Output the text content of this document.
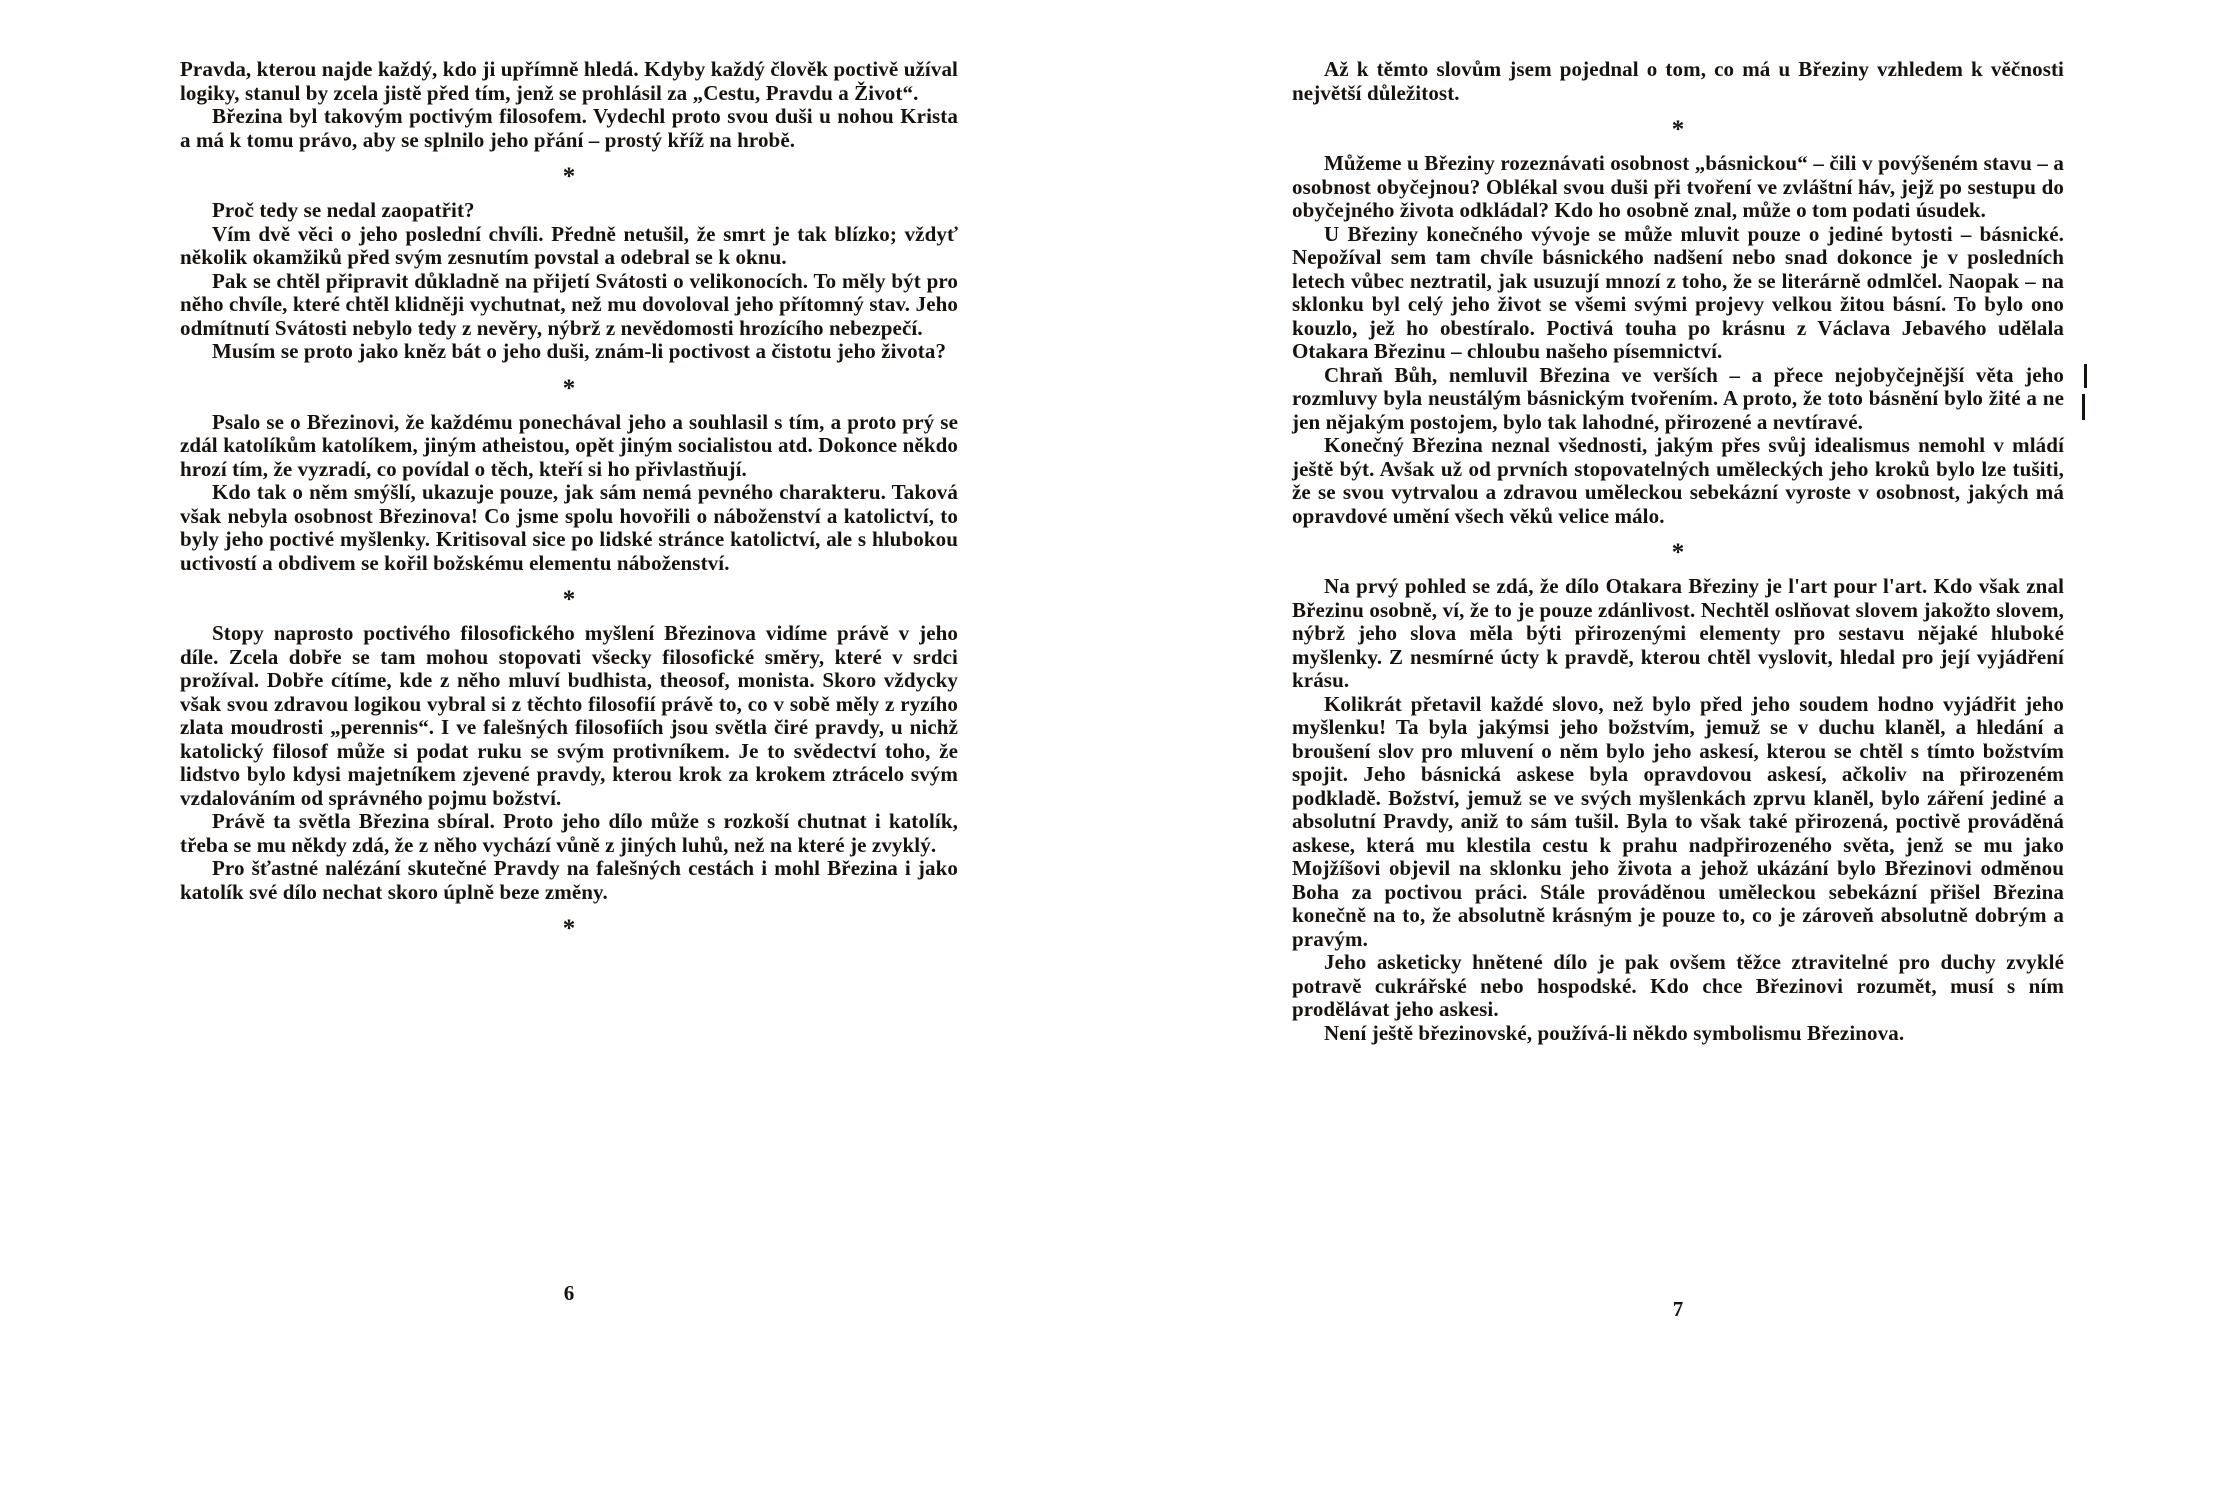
Pravda, kterou najde každý, kdo ji upřímně hledá. Kdyby každý člověk poctivě užíval logiky, stanul by zcela jistě před tím, jenž se prohlásil za „Cestu, Pravdu a Život“.

Březina byl takovým poctivým filosofem. Vydechl proto svou duši u nohou Krista a má k tomu právo, aby se splnilo jeho přání – prostý kříž na hrobě.

*

Proč tedy se nedal zaopatřit?

Vím dvě věci o jeho poslední chvíli. Předně netušil, že smrt je tak blízko; vždyť několik okamžiků před svým zesnutím povstal a odebral se k oknu.

Pak se chtěl připravit důkladně na přijetí Svátosti o velikonocích. To měly být pro něho chvíle, které chtěl klidněji vychutnat, než mu dovoloval jeho přítomný stav. Jeho odmítnutí Svátosti nebylo tedy z nevěry, nýbrž z nevědomosti hrozícího nebezpečí.

Musím se proto jako kněz bát o jeho duši, znám-li poctivost a čistotu jeho života?

*

Psalo se o Březinovi, že každému ponechával jeho a souhlasil s tím, a proto prý se zdál katolíkům katolíkem, jiným atheistou, opět jiným socialistou atd. Dokonce někdo hrozí tím, že vyzradí, co povídal o těch, kteří si ho přivlastňují.

Kdo tak o něm smýšlí, ukazuje pouze, jak sám nemá pevného charakteru. Taková však nebyla osobnost Březinova! Co jsme spolu hovořili o náboženství a katolictví, to byly jeho poctivé myšlenky. Kritisoval sice po lidské stránce katolictví, ale s hlubokou uctivostí a obdivem se kořil božskému elementu náboženství.

*

Stopy naprosto poctivého filosofického myšlení Březinova vidíme právě v jeho díle. Zcela dobře se tam mohou stopovati všecky filosofické směry, které v srdci prožíval. Dobře cítíme, kde z něho mluví budhista, theosof, monista. Skoro vždycky však svou zdravou logikou vybral si z těchto filosofií právě to, co v sobě měly z ryzího zlata moudrosti „perennis“. I ve falešných filosofiích jsou světla čiré pravdy, u nichž katolický filosof může si podat ruku se svým protivníkem. Je to svědectví toho, že lidstvo bylo kdysi majetníkem zjevené pravdy, kterou krok za krokem ztrácelo svým vzdalováním od správného pojmu božství.

Právě ta světla Březina sbíral. Proto jeho dílo může s rozkoší chutnat i katolík, třeba se mu někdy zdá, že z něho vychází vůně z jiných luhů, než na které je zvyklý.

Pro šťastné nalézání skutečné Pravdy na falešných cestách i mohl Březina i jako katolík své dílo nechat skoro úplně beze změny.

*

Až k těmto slovům jsem pojednal o tom, co má u Březiny vzhledem k věčnosti největší důležitost.

*

Můžeme u Březiny rozeznávati osobnost „básnickou“ – čili v povýšeném stavu – a osobnost obyčejnou? Oblékal svou duši při tvoření ve zvláštní háv, jejž po sestupu do obyčejného života odkládal? Kdo ho osobně znal, může o tom podati úsudek.

U Březiny konečného vývoje se může mluvit pouze o jediné bytosti – básnické. Nepožíval sem tam chvíle básnického nadšení nebo snad dokonce je v posledních letech vůbec neztratil, jak usuzují mnozí z toho, že se literárně odmlčel. Naopak – na sklonku byl celý jeho život se všemi svými projevy velkou žitou básní. To bylo ono kouzlo, jež ho obestíralo. Poctivá touha po krásnu z Václava Jebavého udělala Otakara Březinu – chloubu našeho písemnictví.

Chraň Bůh, nemluvil Březina ve verších – a přece nejobyčejnější věta jeho rozmluvy byla neustálým básnickým tvořením. A proto, že toto básnění bylo žité a ne jen nějakým postojem, bylo tak lahodné, přirozené a nevtíravé.

Konečný Březina neznal všednosti, jakým přes svůj idealismus nemohl v mládí ještě být. Avšak už od prvních stopovatelných uměleckých jeho kroků bylo lze tušiti, že se svou vytrvalou a zdravou uměleckou sebekázní vyroste v osobnost, jakých má opravdové umění všech věků velice málo.

*

Na prvý pohled se zdá, že dílo Otakara Březiny je l'art pour l'art. Kdo však znal Březinu osobně, ví, že to je pouze zdánlivost. Nechtěl oslňovat slovem jakožto slovem, nýbrž jeho slova měla býti přirozenými elementy pro sestavu nějaké hluboké myšlenky. Z nesmírné úcty k pravdě, kterou chtěl vyslovit, hledal pro její vyjádření krásu.

Kolikrát přetavil každé slovo, než bylo před jeho soudem hodno vyjádřit jeho myšlenku! Ta byla jakýmsi jeho božstvím, jemuž se v duchu klaněl, a hledání a broušení slov pro mluvení o něm bylo jeho askesí, kterou se chtěl s tímto božstvím spojit. Jeho básnická askese byla opravdovou askesí, ačkoliv na přirozeném podkladě. Božství, jemuž se ve svých myšlenkách zprvu klaněl, bylo záření jediné a absolutní Pravdy, aniž to sám tušil. Byla to však také přirozená, poctivě prováděná askese, která mu klestila cestu k prahu nadpřirozeného světa, jenž se mu jako Mojžíšovi objevil na sklonku jeho života a jehož ukázání bylo Březinovi odměnou Boha za poctivou práci. Stále prováděnou uměleckou sebekázní přišel Březina konečně na to, že absolutně krásným je pouze to, co je zároveň absolutně dobrým a pravým.

Jeho asketicky hnětené dílo je pak ovšem těžce ztravitelné pro duchy zvyklé potravě cukrářské nebo hospodské. Kdo chce Březinovi rozumět, musí s ním prodělávat jeho askesi.

Není ještě březinovské, používá-li někdo symbolismu Březinova.

6
7
